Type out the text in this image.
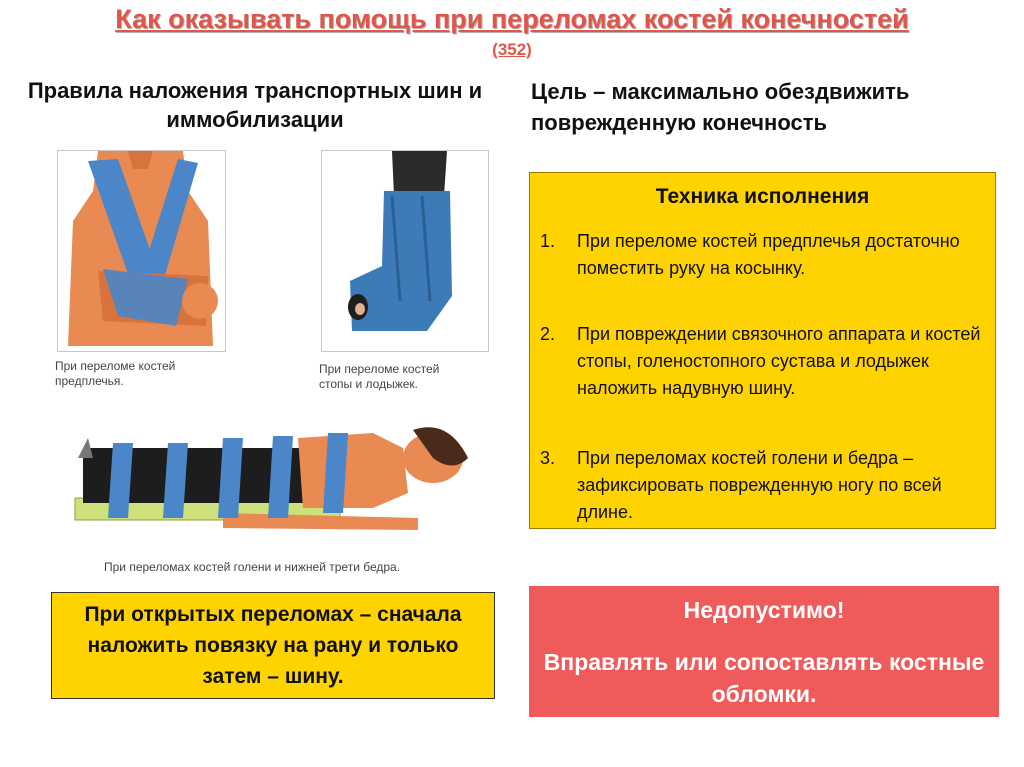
Как оказывать помощь при переломах костей конечностей
(352)
Правила наложения транспортных шин и иммобилизации
Цель – максимально обездвижить поврежденную конечность
При переломе костей предплечья.
При переломе костей стопы и лодыжек.
При переломах костей голени и нижней трети бедра.
Техника исполнения
1.	При переломе костей предплечья достаточно поместить руку на косынку.
2.	При повреждении связочного аппарата и костей стопы, голеностопного сустава и лодыжек наложить надувную шину.
3.	При переломах костей голени и бедра – зафиксировать поврежденную ногу по всей длине.
При открытых переломах – сначала наложить повязку на рану и только затем – шину.
Недопустимо!
Вправлять или сопоставлять костные обломки.
